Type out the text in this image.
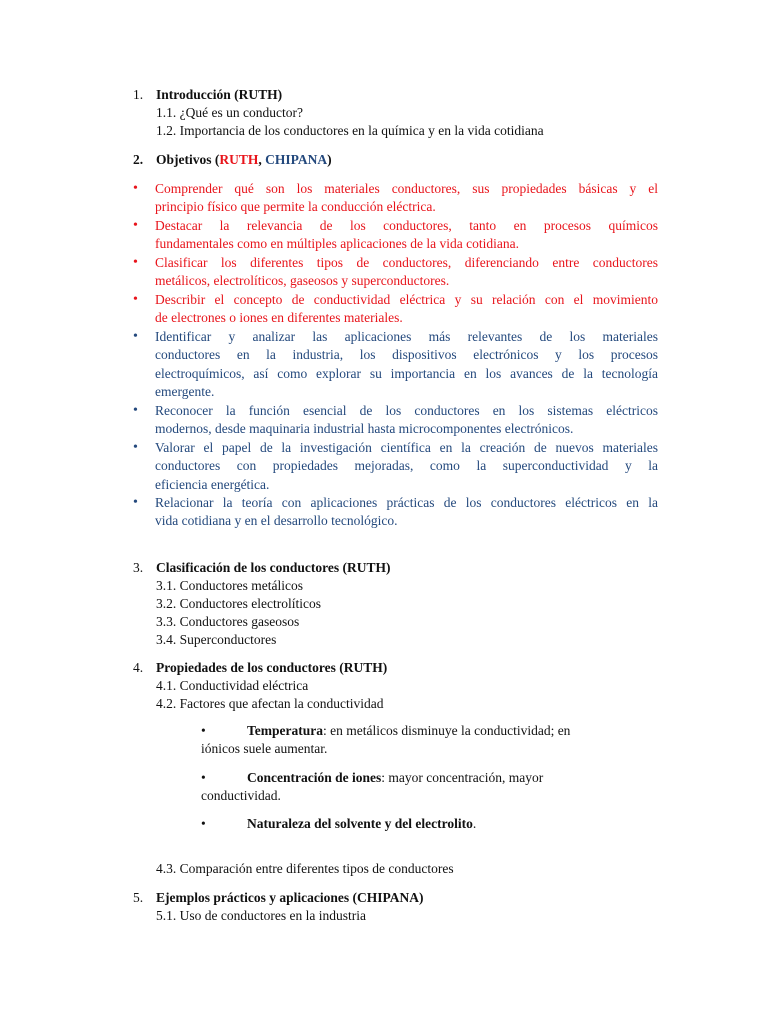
1. Introducción (RUTH)
1.1. ¿Qué es un conductor?
1.2. Importancia de los conductores en la química y en la vida cotidiana
2. Objetivos (RUTH, CHIPANA)
• Comprender qué son los materiales conductores, sus propiedades básicas y el
principio físico que permite la conducción eléctrica.
• Destacar la relevancia de los conductores, tanto en procesos químicos
fundamentales como en múltiples aplicaciones de la vida cotidiana.
• Clasificar los diferentes tipos de conductores, diferenciando entre conductores
metálicos, electrolíticos, gaseosos y superconductores.
• Describir el concepto de conductividad eléctrica y su relación con el movimiento
de electrones o iones en diferentes materiales.
• Identificar y analizar las aplicaciones más relevantes de los materiales
conductores en la industria, los dispositivos electrónicos y los procesos
electroquímicos, así como explorar su importancia en los avances de la tecnología
emergente.
• Reconocer la función esencial de los conductores en los sistemas eléctricos
modernos, desde maquinaria industrial hasta microcomponentes electrónicos.
• Valorar el papel de la investigación científica en la creación de nuevos materiales
conductores con propiedades mejoradas, como la superconductividad y la
eficiencia energética.
• Relacionar la teoría con aplicaciones prácticas de los conductores eléctricos en la
vida cotidiana y en el desarrollo tecnológico.
3. Clasificación de los conductores (RUTH)
3.1. Conductores metálicos
3.2. Conductores electrolíticos
3.3. Conductores gaseosos
3.4. Superconductores
4. Propiedades de los conductores (RUTH)
4.1. Conductividad eléctrica
4.2. Factores que afectan la conductividad
•	Temperatura: en metálicos disminuye la conductividad; en
iónicos suele aumentar.
•	Concentración de iones: mayor concentración, mayor
conductividad.
•	Naturaleza del solvente y del electrolito.
4.3. Comparación entre diferentes tipos de conductores
5. Ejemplos prácticos y aplicaciones (CHIPANA)
5.1. Uso de conductores en la industria
